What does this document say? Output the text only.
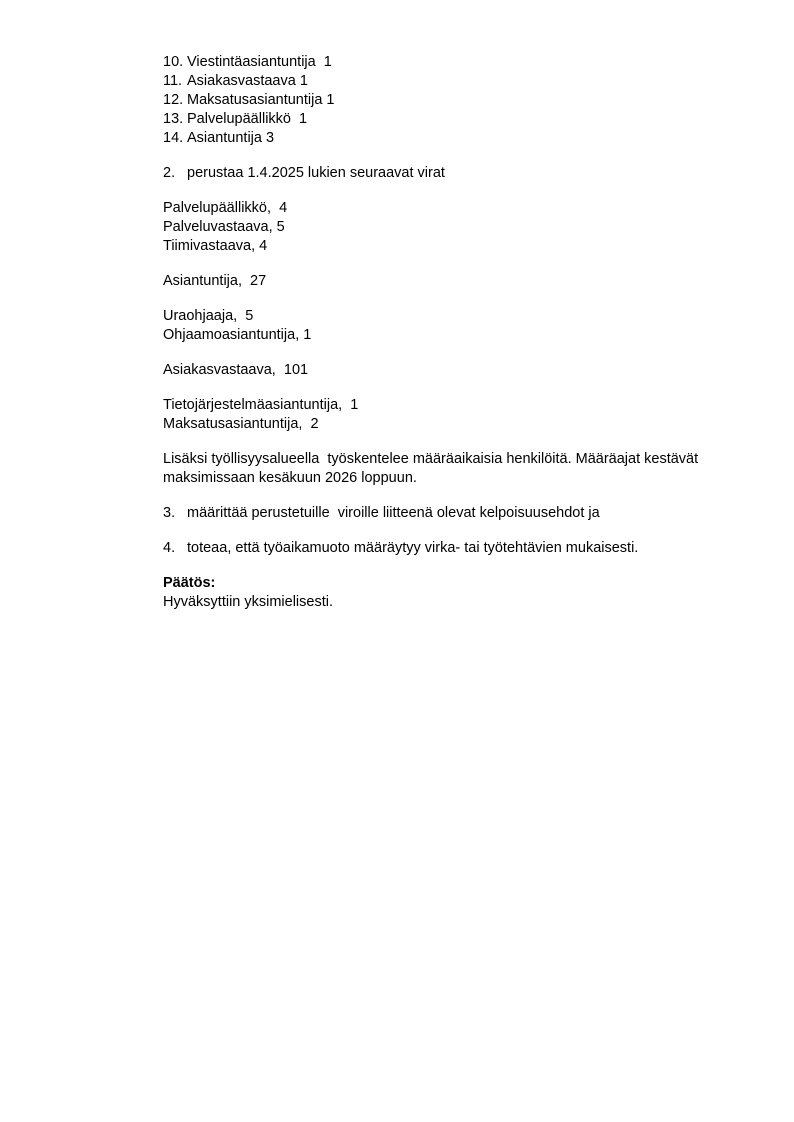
10. Viestintäasiantuntija  1
11. Asiakasvastaava 1
12. Maksatusasiantuntija 1
13. Palvelupäällikkö  1
14. Asiantuntija 3
2. perustaa 1.4.2025 lukien seuraavat virat
Palvelupäällikkö,  4
Palveluvastaava, 5
Tiimivastaava, 4
Asiantuntija,  27
Uraohjaaja,  5
Ohjaamoasiantuntija, 1
Asiakasvastaava,  101
Tietojärjestelmäasiantuntija,  1
Maksatusasiantuntija,  2
Lisäksi työllisyysalueella  työskentelee määräaikaisia henkilöitä. Määräajat kestävät
maksimissaan kesäkuun 2026 loppuun.
3. määrittää perustetuille  viroille liitteenä olevat kelpoisuusehdot ja
4. toteaa, että työaikamuoto määräytyy virka- tai työtehtävien mukaisesti.
Päätös:
Hyväksyttiin yksimielisesti.
